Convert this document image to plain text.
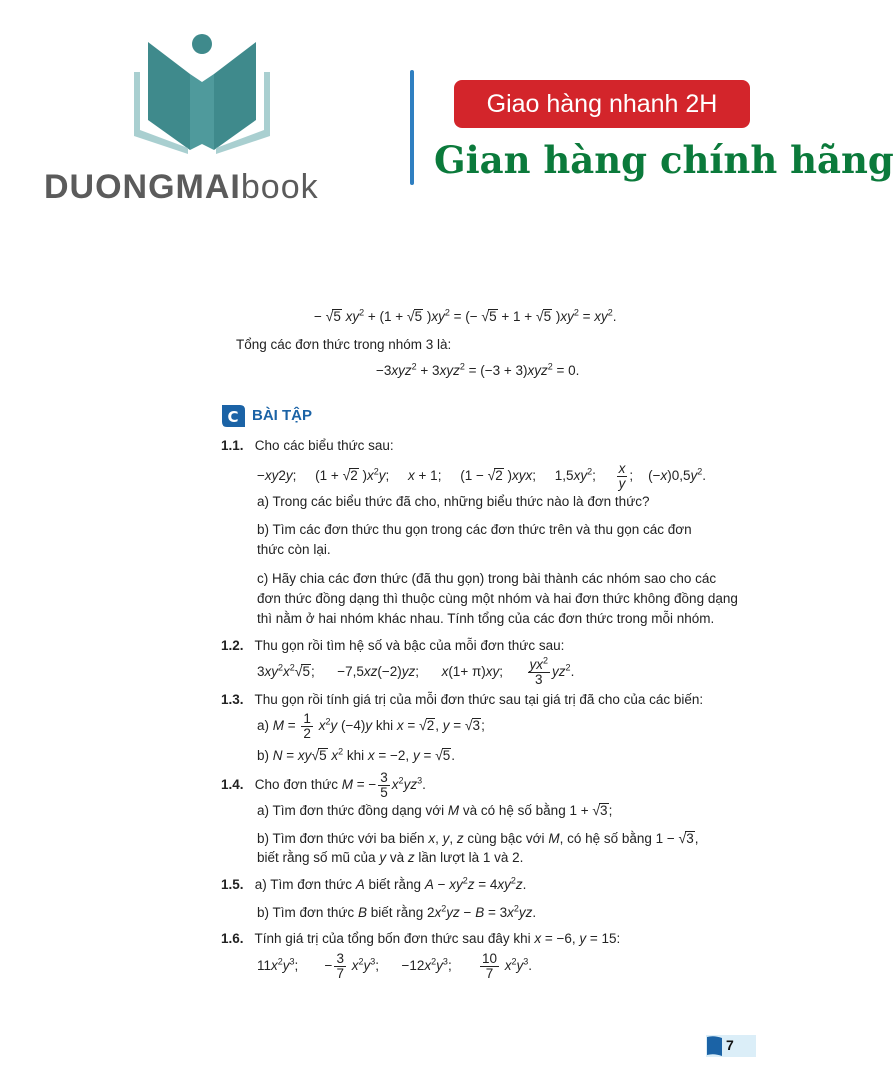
DUONGMAIbook
Giao hàng nhanh 2H
Gian hàng chính hãng
− √5 $xy^2 + (1 + √5$ )$xy^2$ = (− √5 + 1 + √5 )$xy^2 = xy^2$.
Tổng các đơn thức trong nhóm 3 là:
−3xyz$^2$ + 3xyz$^2$ = (−3 + 3)xyz$^2$ = 0.
C BÀI TẬP
1.1. Cho các biểu thức sau:
−xy2y;     (1 + √2 )$x^2y$;     x + 1;     (1 − √2 )xyx;     $1,5xy^2$; $\frac{x}{y}$ ;    $(-x)0,5y^2$.
a) Trong các biểu thức đã cho, những biểu thức nào là đơn thức?
b) Tìm các đơn thức thu gọn trong các đơn thức trên và thu gọn các đơn
thức còn lại.
c) Hãy chia các đơn thức (đã thu gọn) trong bài thành các nhóm sao cho các
đơn thức đồng dạng thì thuộc cùng một nhóm và hai đơn thức không đồng dạng
thì nằm ở hai nhóm khác nhau. Tính tổng của các đơn thức trong mỗi nhóm.
1.2. Thu gọn rồi tìm hệ số và bậc của mỗi đơn thức sau:
$3xy^2x^2√5$;      −7,5xz(−2)yz;      x(1+ π)xy; $\frac{yx^2}{3} yz^2$.
1.3. Thu gọn rồi tính giá trị của mỗi đơn thức sau tại giá trị đã cho của các biến:
a) $M = \frac{1}{2} x^2y$ (−4)y khi x = √2, y = √3;
b) N = xy√5 $x^2$ khi x = −2, y = √5.
1.4. Cho đơn thức M = − $\frac{3}{5} x^2yz^3$.
a) Tìm đơn thức đồng dạng với M và có hệ số bằng 1 + √3;
b) Tìm đơn thức với ba biến x, y, z cùng bậc với M, có hệ số bằng 1 − √3,
biết rằng số mũ của y và z lần lượt là 1 và 2.
1.5. a) Tìm đơn thức A biết rằng $A - xy^2z = 4xy^2z$.
b) Tìm đơn thức B biết rằng $2x^2yz - B = 3x^2yz$.
1.6. Tính giá trị của tổng bốn đơn thức sau đây khi x = −6, y = 15:
$11x^2y^3$;       − $\frac{3}{7} x^2y^3$;      $-12x^2y^3$; $\frac{10}{7} x^2y^3$.
7
